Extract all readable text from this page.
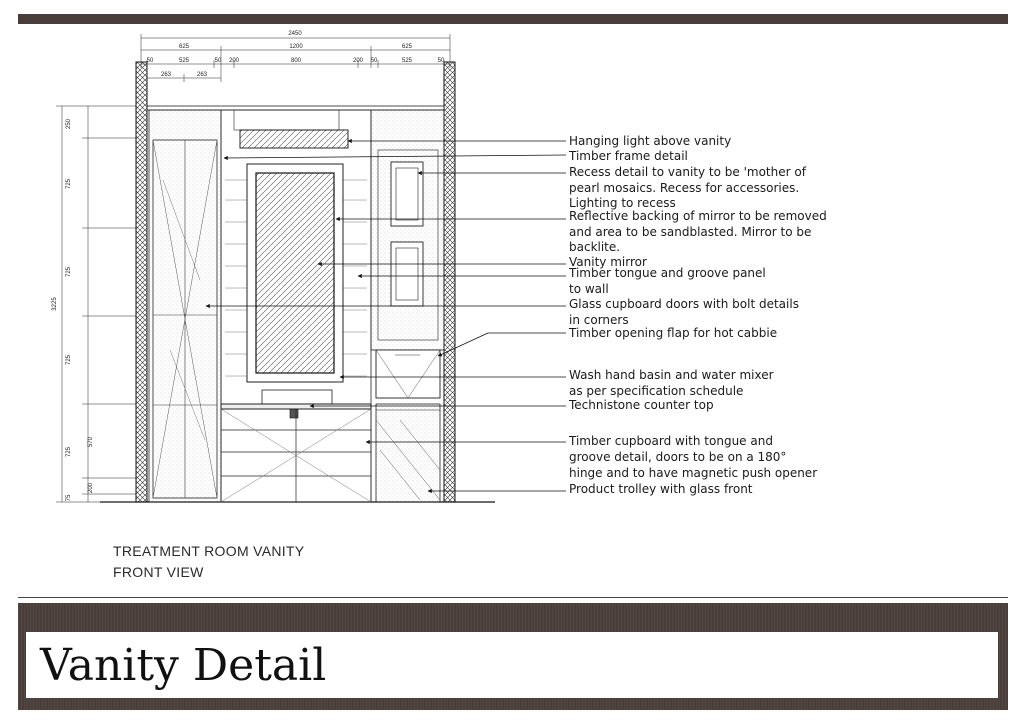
2450
625	1200	625
50	525	50 200	800	200 50	525	50
263	263
250
725
725
725
725
570
200
75
3225
Hanging light above vanity
Timber frame detail
Recess detail to vanity to be 'mother of
pearl mosaics. Recess for accessories.
Lighting to recess
Reflective backing of mirror to be removed
and area to be sandblasted. Mirror to be
backlite.
Vanity mirror
Timber tongue and groove panel
to wall
Glass cupboard doors with bolt details
in corners
Timber opening flap for hot cabbie
Wash hand basin and water mixer
as per specification schedule
Technistone counter top
Timber cupboard with tongue and
groove detail, doors to be on a 180°
hinge and to have magnetic push opener
Product trolley with glass front
TREATMENT ROOM VANITY
FRONT VIEW
Vanity Detail
